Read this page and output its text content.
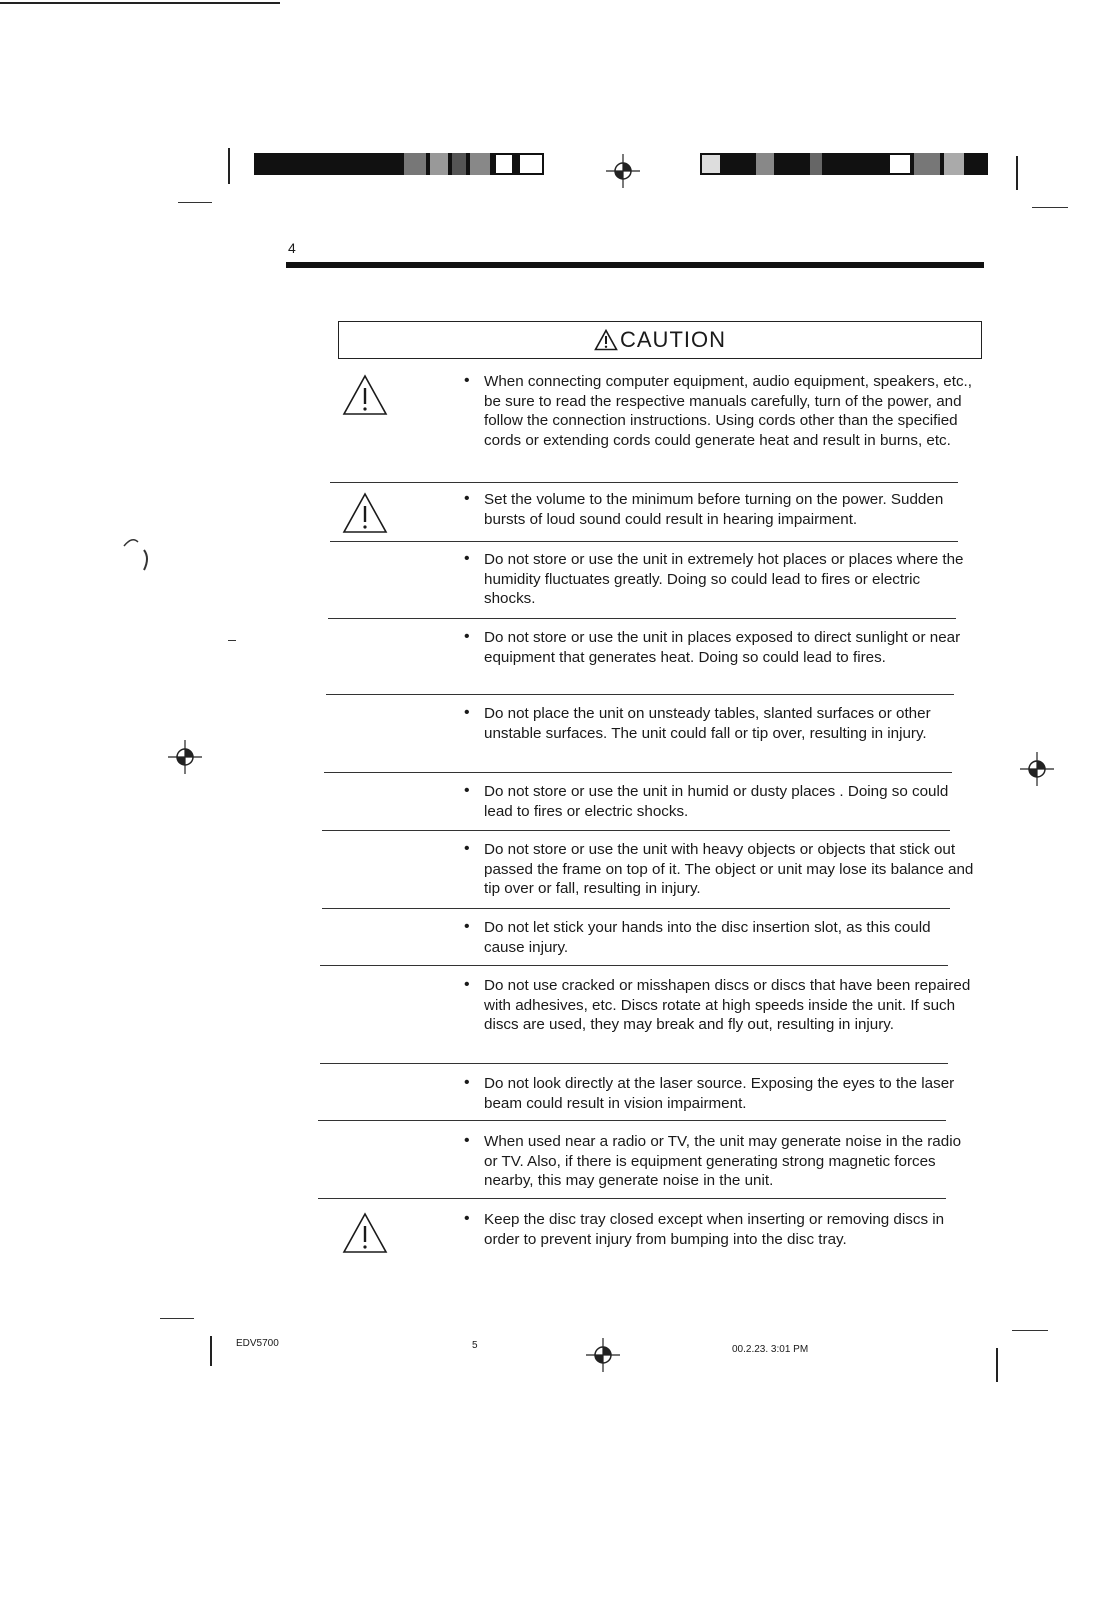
4
CAUTION
• When connecting computer equipment, audio equipment, speakers, etc., be sure to read the respective manuals carefully, turn of the power, and follow the connection instructions. Using cords other than the specified cords or extending cords could generate heat and result in burns, etc.
• Set the volume to the minimum before turning on the power. Sudden bursts of loud sound could result in hearing impairment.
• Do not store or use the unit in extremely hot places or places where the humidity fluctuates greatly. Doing so could lead to fires or electric shocks.
• Do not store or use the unit in places exposed to direct sunlight or near equipment that generates heat. Doing so could lead to fires.
• Do not place the unit on unsteady tables, slanted surfaces or other unstable surfaces. The unit could fall or tip over, resulting in injury.
• Do not store or use the unit in humid or dusty places . Doing so could lead to fires or electric shocks.
• Do not store or use the unit with heavy objects or objects that stick out passed the frame on top of it. The object or unit may lose its balance and tip over or fall, resulting in injury.
• Do not let stick your hands into the disc insertion slot, as this could cause injury.
• Do not use cracked or misshapen discs or discs that have been repaired with adhesives, etc. Discs rotate at high speeds inside the unit. If such discs are used, they may break and fly out, resulting in injury.
• Do not look directly at the laser source. Exposing the eyes to the laser beam could result in vision impairment.
• When used near a radio or TV, the unit may generate noise in the radio or TV. Also, if there is equipment generating strong magnetic forces nearby, this may generate noise in the unit.
• Keep the disc tray closed except when inserting or removing discs in order to prevent injury from bumping into the disc tray.
EDV5700	5	00.2.23. 3:01 PM
